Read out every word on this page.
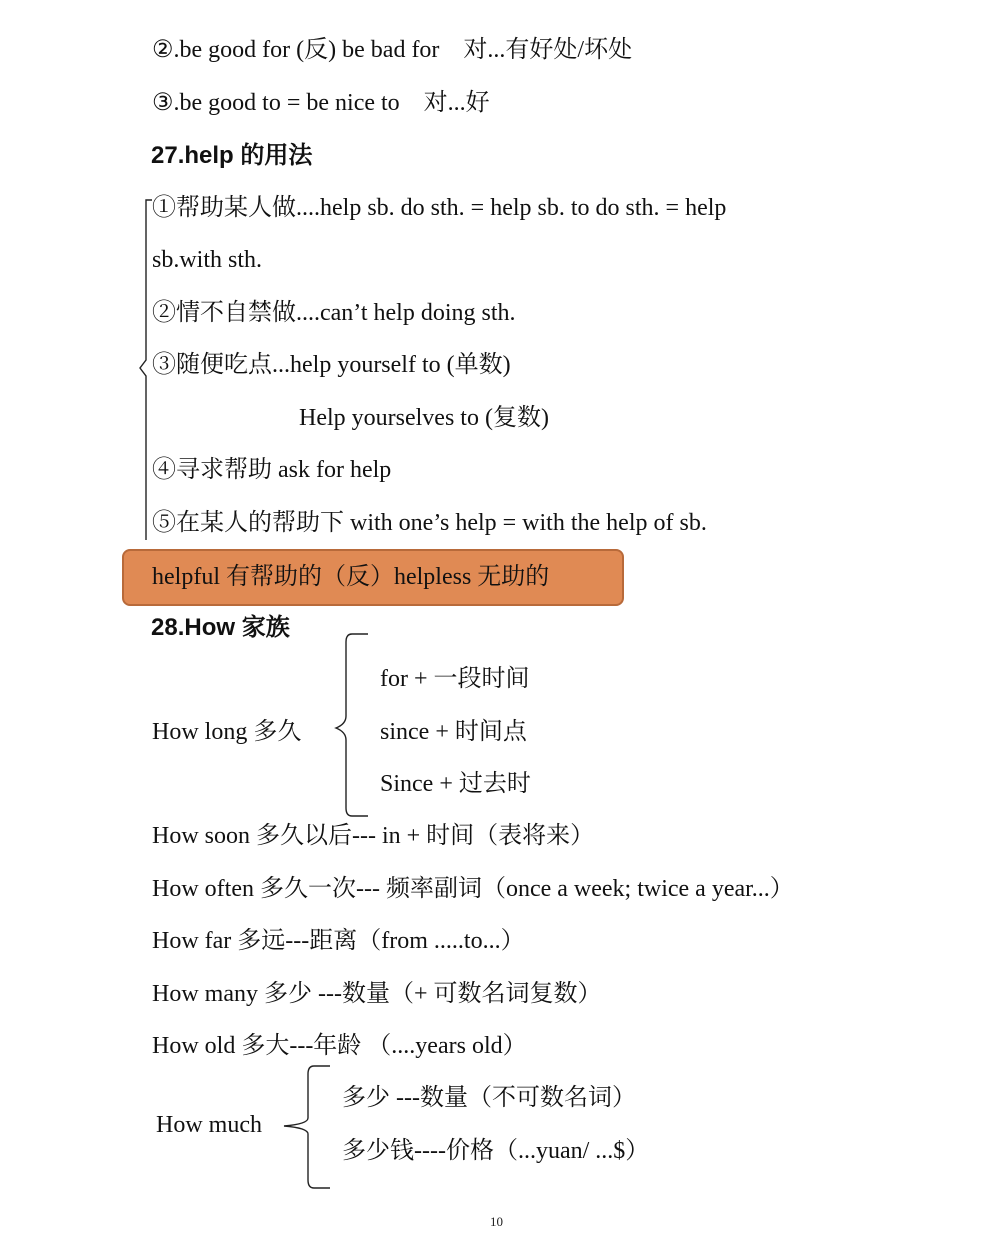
②.be good for (反) be bad for　对...有好处/坏处
③.be good to = be nice to　对...好
27.help 的用法
①帮助某人做....help sb. do sth. = help sb. to do sth. = help
sb.with sth.
②情不自禁做....can’t help doing sth.
③随便吃点...help yourself to (单数)
Help yourselves to (复数)
④寻求帮助 ask for help
⑤在某人的帮助下 with one’s help = with the help of sb.
helpful 有帮助的（反）helpless 无助的
28.How 家族
for + 一段时间
How long 多久	since + 时间点
Since + 过去时
How soon 多久以后--- in + 时间（表将来）
How often 多久一次--- 频率副词（once a week; twice a year...）
How far 多远---距离（from .....to...）
How many 多少 ---数量（+ 可数名词复数）
How old 多大---年龄 （....years old）
How much
多少 ---数量（不可数名词）
多少钱----价格（...yuan/ ...$）
10
